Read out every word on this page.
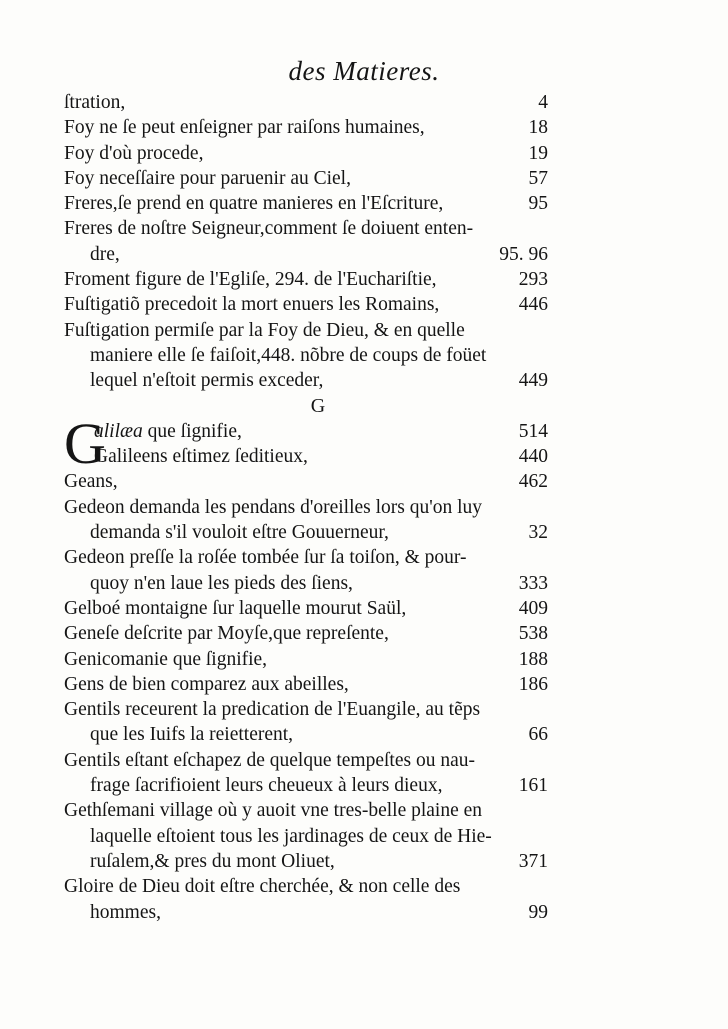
des Matieres.
ſtration,	4
Foy ne ſe peut enſeigner par raiſons humaines,	18
Foy d'où procede,	19
Foy neceſſaire pour paruenir au Ciel,	57
Freres,ſe prend en quatre manieres en l'Eſcriture,	95
Freres de noſtre Seigneur,comment ſe doiuent enten-
dre,	95. 96
Froment figure de l'Egliſe, 294. de l'Euchariſtie,	293
Fuſtigatiõ precedoit la mort enuers les Romains,	446
Fuſtigation permiſe par la Foy de Dieu, & en quelle
maniere elle ſe faiſoit,448. nõbre de coups de foüet
lequel n'eſtoit permis exceder,	449
G
G
alilæa que ſignifie,	514
Galileens eſtimez ſeditieux,	440
Geans,	462
Gedeon demanda les pendans d'oreilles lors qu'on luy
demanda s'il vouloit eſtre Gouuerneur,	32
Gedeon preſſe la roſée tombée ſur ſa toiſon, & pour-
quoy n'en laue les pieds des ſiens,	333
Gelboé montaigne ſur laquelle mourut Saül,	409
Geneſe deſcrite par Moyſe,que repreſente,	538
Genicomanie que ſignifie,	188
Gens de bien comparez aux abeilles,	186
Gentils receurent la predication de l'Euangile, au tẽps
que les Iuifs la reietterent,	66
Gentils eſtant eſchapez de quelque tempeſtes ou nau-
frage ſacrifioient leurs cheueux à leurs dieux,	161
Gethſemani village où y auoit vne tres-belle plaine en
laquelle eſtoient tous les jardinages de ceux de Hie-
ruſalem,& pres du mont Oliuet,	371
Gloire de Dieu doit eſtre cherchée, & non celle des
hommes,	99
